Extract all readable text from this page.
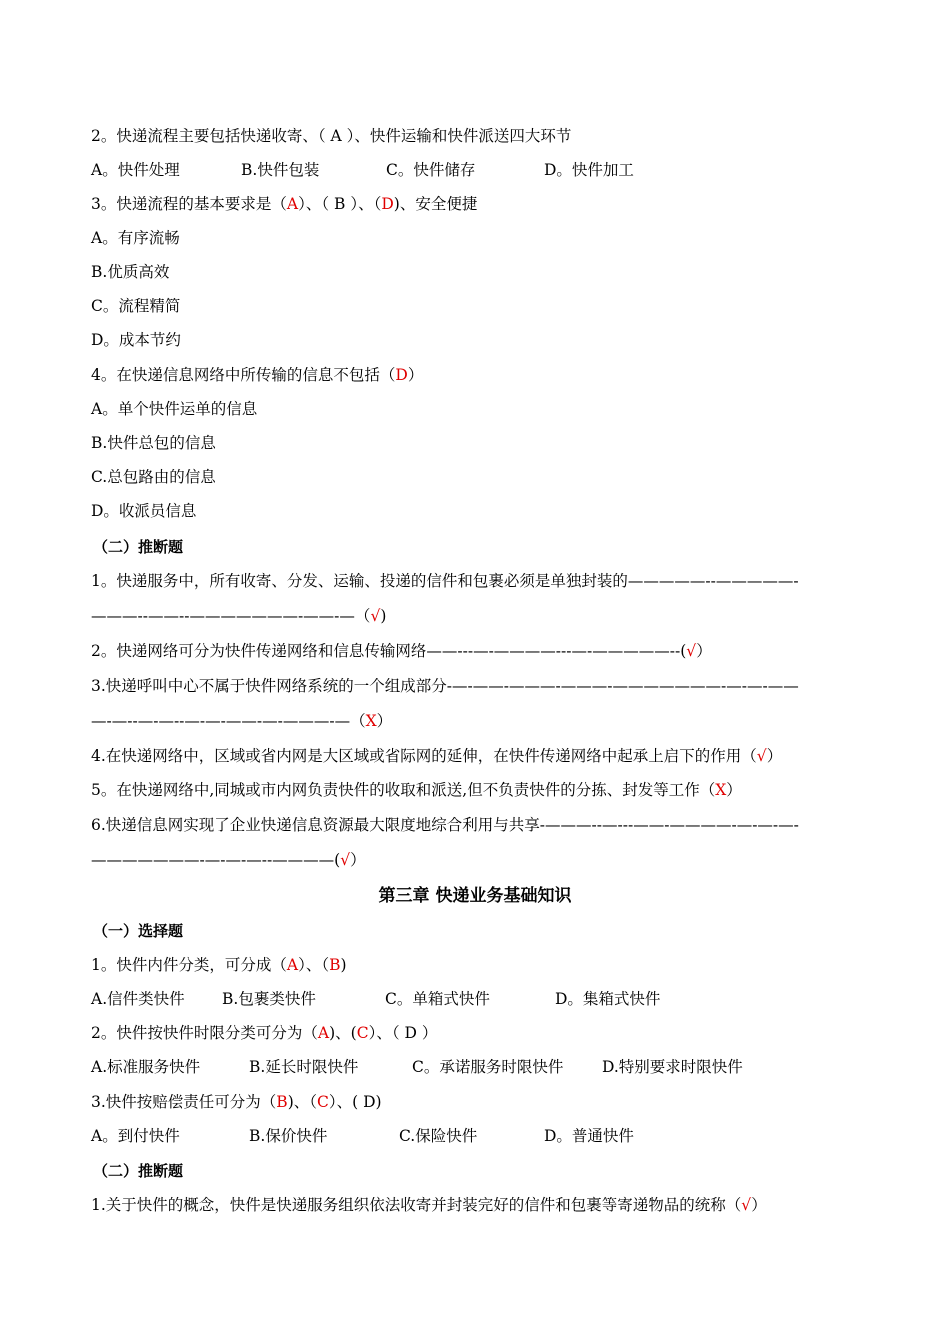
2。快递流程主要包括快递收寄、（ A ）、快件运输和快件派送四大环节
A。快件处理	B.快件包装	C。快件储存	D。快件加工
3。快递流程的基本要求是（A）、（ B ）、（D)、安全便捷
A。有序流畅
B.优质高效
C。流程精简
D。成本节约
4。在快递信息网络中所传输的信息不包括（D）
A。单个快件运单的信息
B.快件总包的信息
C.总包路由的信息
D。收派员信息
（二）推断题
1。快递服务中，所有收寄、分发、运输、投递的信件和包裹必须是单独封装的—————--—————-
———--——--———————-——-—（√)
2。快递网络可分为快件传递网络和信息传输网络——---—-————---—-—————--(√）
3.快递呼叫中心不属于快件网络系统的一个组成部分-—-——-———-———-———————-—-—-——
—-—--—-—--—-—-——-—-———-—（X）
4.在快递网络中，区域或省内网是大区域或省际网的延伸，在快件传递网络中起承上启下的作用（√）
5。在快递网络中,同城或市内网负责快件的收取和派送,但不负责快件的分拣、封发等工作（X）
6.快递信息网实现了企业快递信息资源最大限度地综合利用与共享-———--—---——-————-—-—-—-
———————-—-—-—--————(√）
第三章 快递业务基础知识
（一）选择题
1。快件内件分类，可分成（A）、（B)
A.信件类快件 B.包裹类快件	C。单箱式快件	D。集箱式快件
2。快件按快件时限分类可分为（A)、(C）、（ D ）
A.标准服务快件	B.延长时限快件	C。承诺服务时限快件 D.特别要求时限快件
3.快件按赔偿责任可分为（B)、（C）、( D)
A。到付快件	B.保价快件	C.保险快件	D。普通快件
（二）推断题
1.关于快件的概念，快件是快递服务组织依法收寄并封装完好的信件和包裹等寄递物品的统称（√）
